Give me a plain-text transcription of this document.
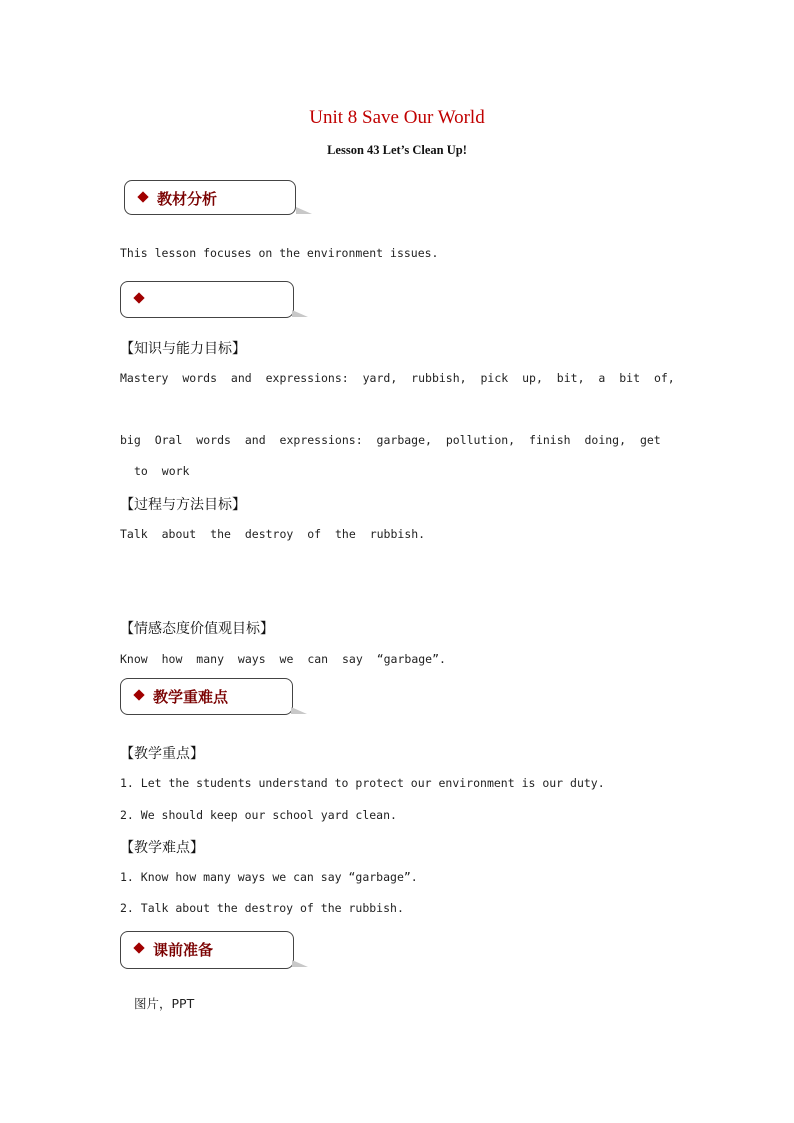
Unit 8 Save Our World
Lesson 43 Let’s Clean Up!
教材分析
This lesson focuses on the environment issues.
【知识与能力目标】
Mastery words and expressions: yard, rubbish, pick up, bit, a bit of,
big Oral words and expressions: garbage, pollution, finish doing, get
to work
【过程与方法目标】
Talk about the destroy of the rubbish.
【情感态度价值观目标】
Know how many ways we can say “garbage”.
教学重难点
【教学重点】
1. Let the students understand to protect our environment is our duty.
2. We should keep our school yard clean.
【教学难点】
1. Know how many ways we can say “garbage”.
2. Talk about the destroy of the rubbish.
课前准备
图片，PPT
